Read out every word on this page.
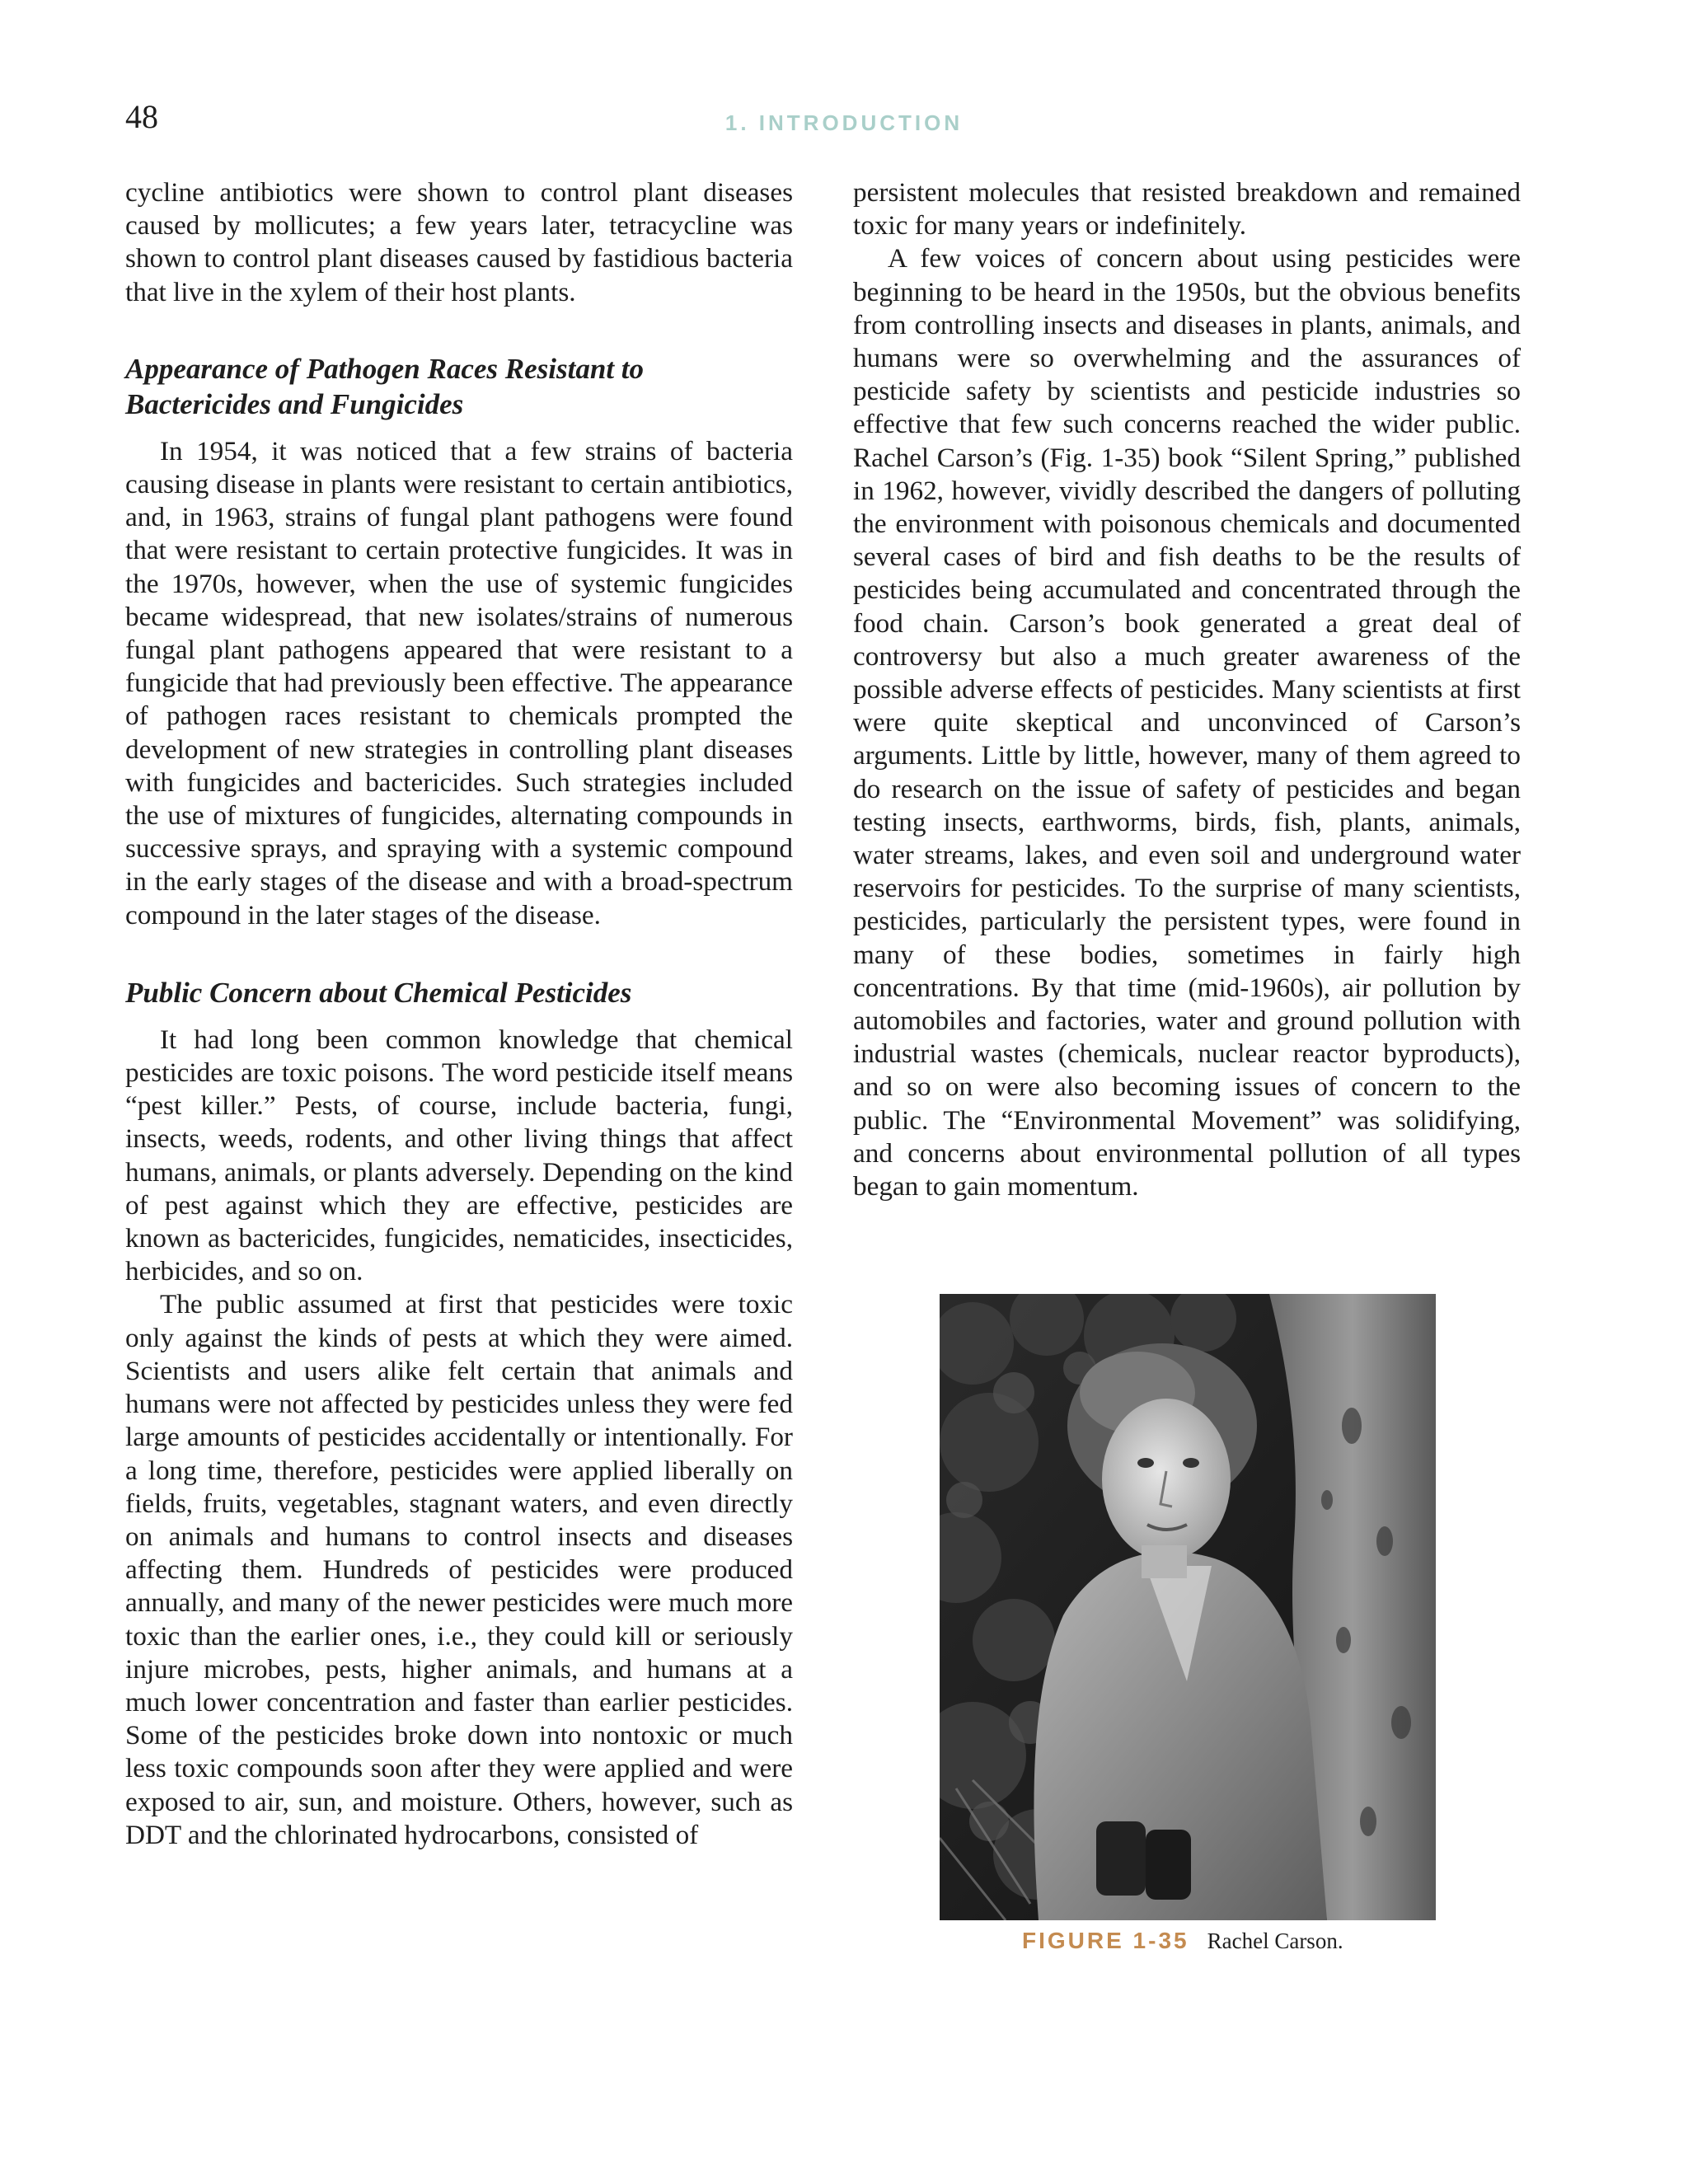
48	1. INTRODUCTION

cycline antibiotics were shown to control plant diseases caused by mollicutes; a few years later, tetracycline was shown to control plant diseases caused by fastidious bacteria that live in the xylem of their host plants.

Appearance of Pathogen Races Resistant to
Bactericides and Fungicides

In 1954, it was noticed that a few strains of bacteria causing disease in plants were resistant to certain antibiotics, and, in 1963, strains of fungal plant pathogens were found that were resistant to certain protective fungicides. It was in the 1970s, however, when the use of systemic fungicides became widespread, that new isolates/strains of numerous fungal plant pathogens appeared that were resistant to a fungicide that had previously been effective. The appearance of pathogen races resistant to chemicals prompted the development of new strategies in controlling plant diseases with fungicides and bactericides. Such strategies included the use of mixtures of fungicides, alternating compounds in successive sprays, and spraying with a systemic compound in the early stages of the disease and with a broad-spectrum compound in the later stages of the disease.

Public Concern about Chemical Pesticides

It had long been common knowledge that chemical pesticides are toxic poisons. The word pesticide itself means “pest killer.” Pests, of course, include bacteria, fungi, insects, weeds, rodents, and other living things that affect humans, animals, or plants adversely. Depending on the kind of pest against which they are effective, pesticides are known as bactericides, fungicides, nematicides, insecticides, herbicides, and so on.

The public assumed at first that pesticides were toxic only against the kinds of pests at which they were aimed. Scientists and users alike felt certain that animals and humans were not affected by pesticides unless they were fed large amounts of pesticides accidentally or intentionally. For a long time, therefore, pesticides were applied liberally on fields, fruits, vegetables, stagnant waters, and even directly on animals and humans to control insects and diseases affecting them. Hundreds of pesticides were produced annually, and many of the newer pesticides were much more toxic than the earlier ones, i.e., they could kill or seriously injure microbes, pests, higher animals, and humans at a much lower concentration and faster than earlier pesticides. Some of the pesticides broke down into nontoxic or much less toxic compounds soon after they were applied and were exposed to air, sun, and moisture. Others, however, such as DDT and the chlorinated hydrocarbons, consisted of

persistent molecules that resisted breakdown and remained toxic for many years or indefinitely.

A few voices of concern about using pesticides were beginning to be heard in the 1950s, but the obvious benefits from controlling insects and diseases in plants, animals, and humans were so overwhelming and the assurances of pesticide safety by scientists and pesticide industries so effective that few such concerns reached the wider public. Rachel Carson’s (Fig. 1-35) book “Silent Spring,” published in 1962, however, vividly described the dangers of polluting the environment with poisonous chemicals and documented several cases of bird and fish deaths to be the results of pesticides being accumulated and concentrated through the food chain. Carson’s book generated a great deal of controversy but also a much greater awareness of the possible adverse effects of pesticides. Many scientists at first were quite skeptical and unconvinced of Carson’s arguments. Little by little, however, many of them agreed to do research on the issue of safety of pesticides and began testing insects, earthworms, birds, fish, plants, animals, water streams, lakes, and even soil and underground water reservoirs for pesticides. To the surprise of many scientists, pesticides, particularly the persistent types, were found in many of these bodies, sometimes in fairly high concentrations. By that time (mid-1960s), air pollution by automobiles and factories, water and ground pollution with industrial wastes (chemicals, nuclear reactor byproducts), and so on were also becoming issues of concern to the public. The “Environmental Movement” was solidifying, and concerns about environmental pollution of all types began to gain momentum.

FIGURE 1-35 Rachel Carson.
